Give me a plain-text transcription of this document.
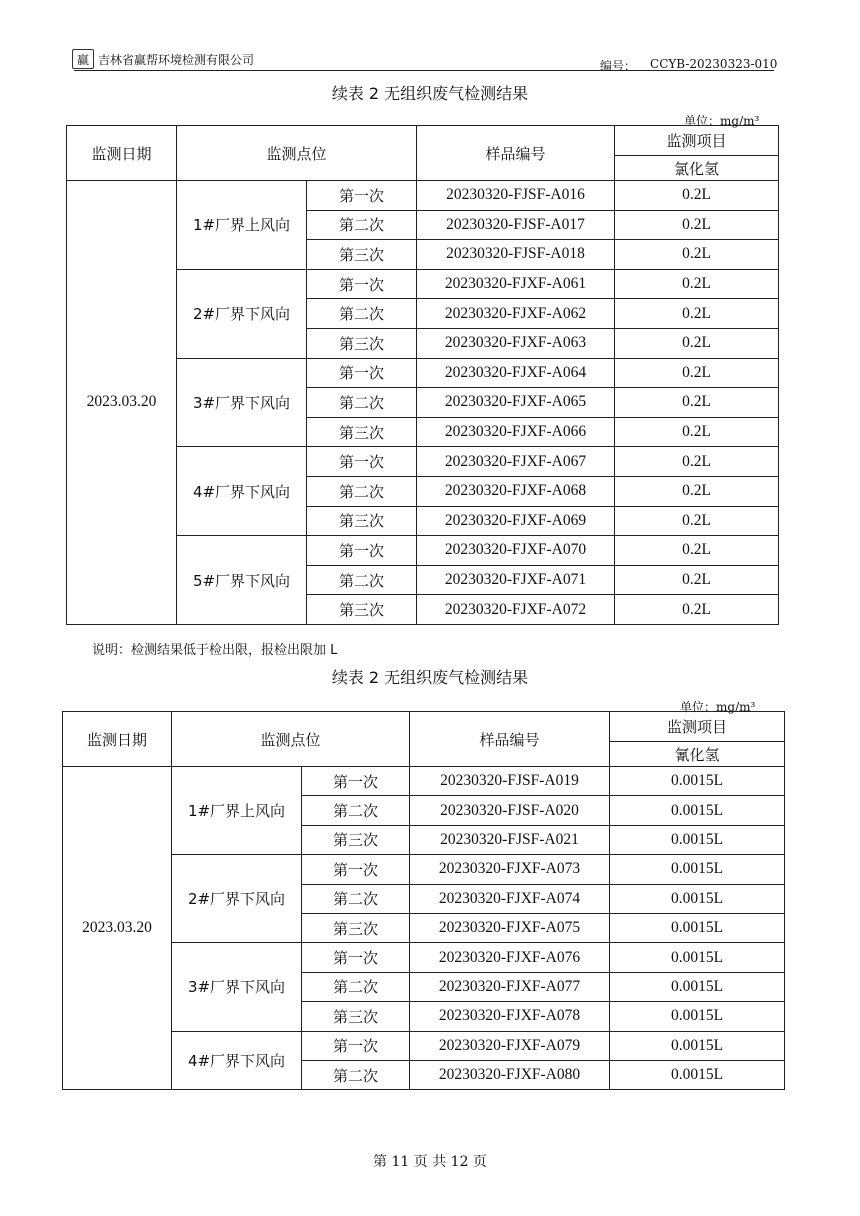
赢 吉林省赢帮环境检测有限公司	编号： CCYB-20230323-010
续表 2 无组织废气检测结果
单位：mg/m³
监测日期	监测点位		样品编号	监测项目
				氯化氢
2023.03.20	1#厂界上风向	第一次	20230320-FJSF-A016	0.2L
		第二次	20230320-FJSF-A017	0.2L
		第三次	20230320-FJSF-A018	0.2L
	2#厂界下风向	第一次	20230320-FJXF-A061	0.2L
		第二次	20230320-FJXF-A062	0.2L
		第三次	20230320-FJXF-A063	0.2L
	3#厂界下风向	第一次	20230320-FJXF-A064	0.2L
		第二次	20230320-FJXF-A065	0.2L
		第三次	20230320-FJXF-A066	0.2L
	4#厂界下风向	第一次	20230320-FJXF-A067	0.2L
		第二次	20230320-FJXF-A068	0.2L
		第三次	20230320-FJXF-A069	0.2L
	5#厂界下风向	第一次	20230320-FJXF-A070	0.2L
		第二次	20230320-FJXF-A071	0.2L
		第三次	20230320-FJXF-A072	0.2L
说明：检测结果低于检出限，报检出限加 L
续表 2 无组织废气检测结果
单位：mg/m³
监测日期	监测点位		样品编号	监测项目
				氰化氢
2023.03.20	1#厂界上风向	第一次	20230320-FJSF-A019	0.0015L
		第二次	20230320-FJSF-A020	0.0015L
		第三次	20230320-FJSF-A021	0.0015L
	2#厂界下风向	第一次	20230320-FJXF-A073	0.0015L
		第二次	20230320-FJXF-A074	0.0015L
		第三次	20230320-FJXF-A075	0.0015L
	3#厂界下风向	第一次	20230320-FJXF-A076	0.0015L
		第二次	20230320-FJXF-A077	0.0015L
		第三次	20230320-FJXF-A078	0.0015L
	4#厂界下风向	第一次	20230320-FJXF-A079	0.0015L
		第二次	20230320-FJXF-A080	0.0015L
第 11 页 共 12 页
